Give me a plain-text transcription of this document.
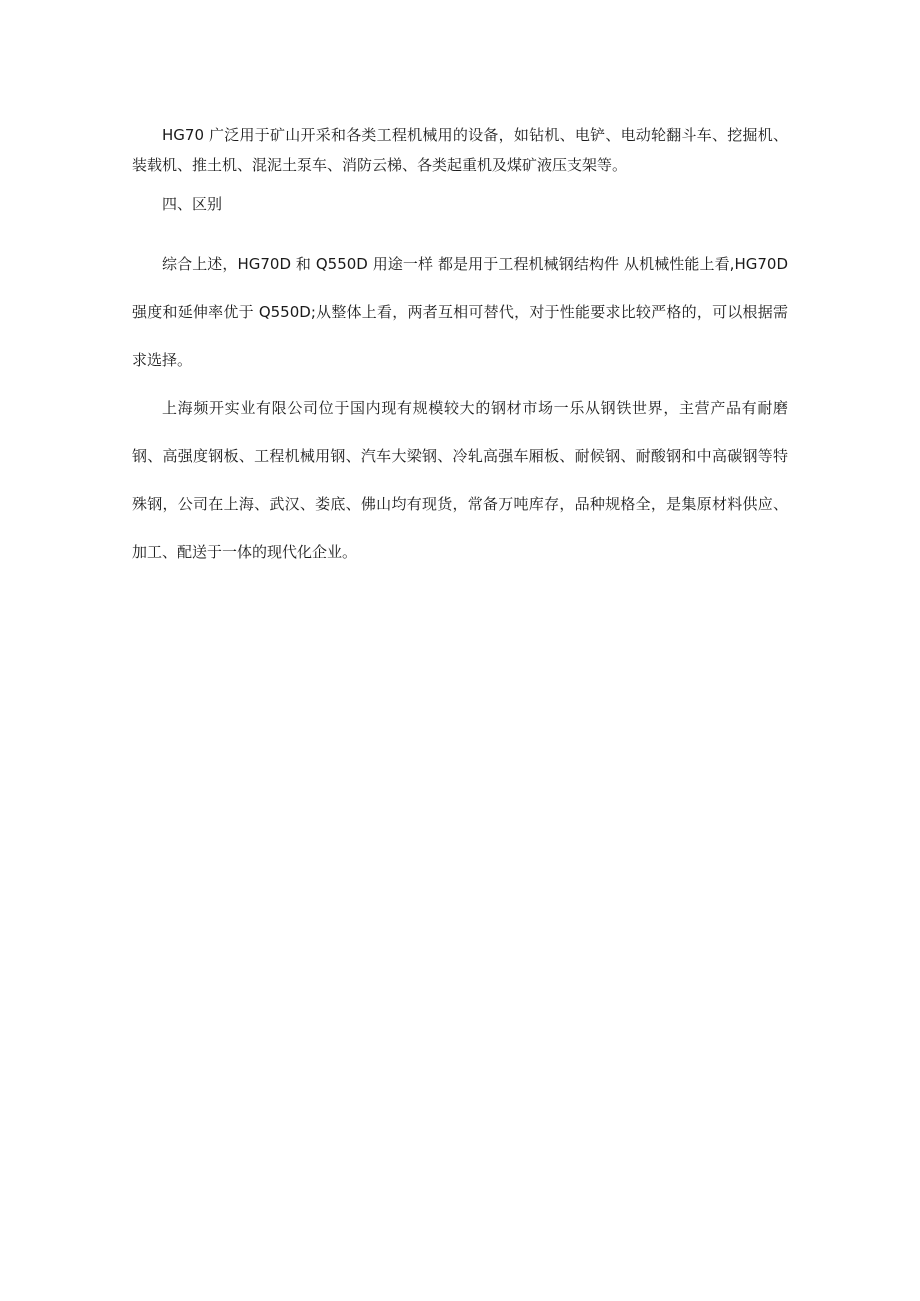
HG70 广泛用于矿山开采和各类工程机械用的设备，如钻机、电铲、电动轮翻斗车、挖掘机、装载机、推土机、混泥土泵车、消防云梯、各类起重机及煤矿液压支架等。

四、区别

综合上述，HG70D 和 Q550D 用途一样 都是用于工程机械钢结构件 从机械性能上看,HG70D 强度和延伸率优于 Q550D;从整体上看，两者互相可替代，对于性能要求比较严格的，可以根据需求选择。

上海频开实业有限公司位于国内现有规模较大的钢材市场一乐从钢铁世界，主营产品有耐磨钢、高强度钢板、工程机械用钢、汽车大梁钢、冷轧高强车厢板、耐候钢、耐酸钢和中高碳钢等特殊钢，公司在上海、武汉、娄底、佛山均有现货，常备万吨库存，品种规格全，是集原材料供应、加工、配送于一体的现代化企业。
